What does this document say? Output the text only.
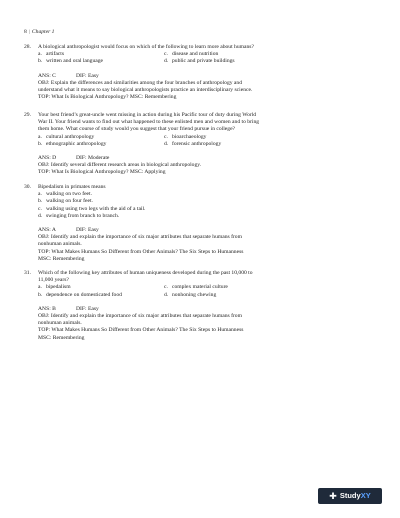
8 | Chapter 1
28. A biological anthropologist would focus on which of the following to learn more about humans?
a. artifacts	c. disease and nutrition
b. written and oral language	d. public and private buildings
ANS: C	DIF: Easy
OBJ: Explain the differences and similarities among the four branches of anthropology and
understand what it means to say biological anthropologists practice an interdisciplinary science.
TOP: What Is Biological Anthropology? MSC: Remembering
29. Your best friend’s great-uncle went missing in action during his Pacific tour of duty during World
War II. Your friend wants to find out what happened to these enlisted men and women and to bring
them home. What course of study would you suggest that your friend pursue in college?
a. cultural anthropology	c. bioarchaeology
b. ethnographic anthropology	d. forensic anthropology
ANS: D	DIF: Moderate
OBJ: Identify several different research areas in biological anthropology.
TOP: What Is Biological Anthropology? MSC: Applying
30. Bipedalism in primates means
a. walking on two feet.
b. walking on four feet.
c. walking using two legs with the aid of a tail.
d. swinging from branch to branch.
ANS: A	DIF: Easy
OBJ: Identify and explain the importance of six major attributes that separate humans from
nonhuman animals.
TOP: What Makes Humans So Different from Other Animals? The Six Steps to Humanness
MSC: Remembering
31. Which of the following key attributes of human uniqueness developed during the past 10,000 to
11,000 years?
a. bipedalism	c. complex material culture
b. dependence on domesticated food	d. nonhoning chewing
ANS: B	DIF: Easy
OBJ: Identify and explain the importance of six major attributes that separate humans from
nonhuman animals.
TOP: What Makes Humans So Different from Other Animals? The Six Steps to Humanness
MSC: Remembering
✚ Study XY
